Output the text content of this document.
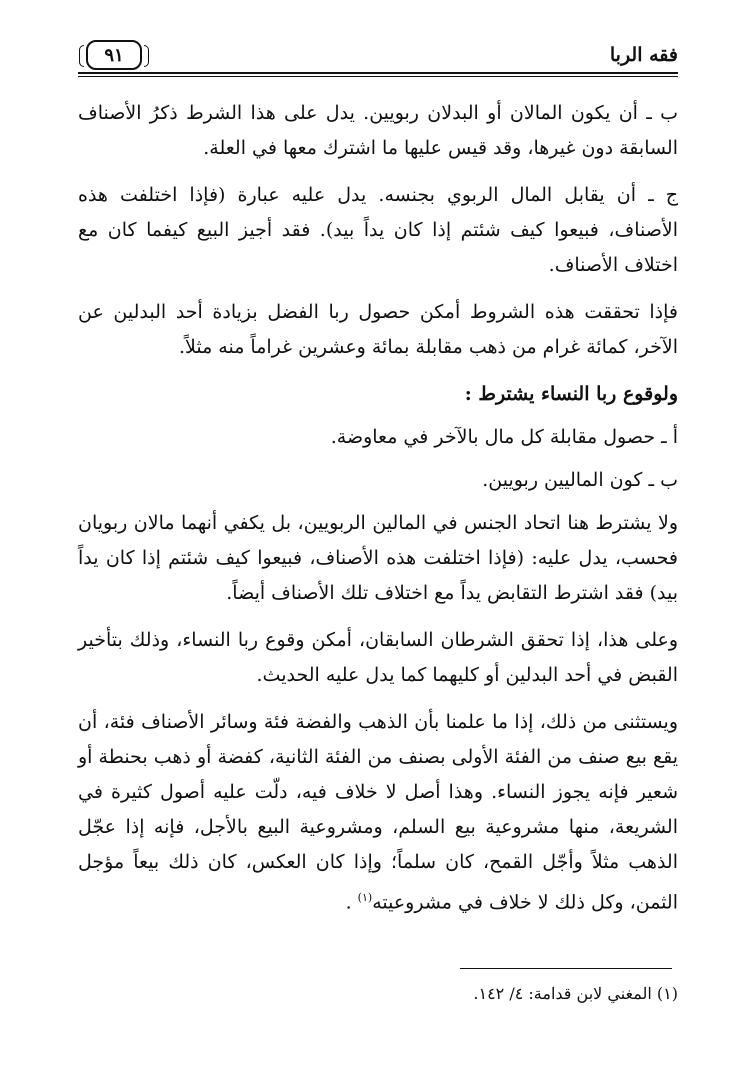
فقه الربا
٩١

ب ـ أن يكون المالان أو البدلان ربويين. يدل على هذا الشرط ذكرُ الأصناف السابقة دون غيرها، وقد قيس عليها ما اشترك معها في العلة.

ج ـ أن يقابل المال الربوي بجنسه. يدل عليه عبارة (فإذا اختلفت هذه الأصناف، فبيعوا كيف شئتم إذا كان يداً بيد). فقد أجيز البيع كيفما كان مع اختلاف الأصناف.

فإذا تحققت هذه الشروط أمكن حصول ربا الفضل بزيادة أحد البدلين عن الآخر، كمائة غرام من ذهب مقابلة بمائة وعشرين غراماً منه مثلاً.

ولوقوع ربا النساء يشترط :

أ ـ حصول مقابلة كل مال بالآخر في معاوضة.

ب ـ كون الماليين ربويين.

ولا يشترط هنا اتحاد الجنس في المالين الربويين، بل يكفي أنهما مالان ربويان فحسب، يدل عليه: (فإذا اختلفت هذه الأصناف، فبيعوا كيف شئتم إذا كان يداً بيد) فقد اشترط التقابض يداً مع اختلاف تلك الأصناف أيضاً.

وعلى هذا، إذا تحقق الشرطان السابقان، أمكن وقوع ربا النساء، وذلك بتأخير القبض في أحد البدلين أو كليهما كما يدل عليه الحديث.

ويستثنى من ذلك، إذا ما علمنا بأن الذهب والفضة فئة وسائر الأصناف فئة، أن يقع بيع صنف من الفئة الأولى بصنف من الفئة الثانية، كفضة أو ذهب بحنطة أو شعير فإنه يجوز النساء. وهذا أصل لا خلاف فيه، دلّت عليه أصول كثيرة في الشريعة، منها مشروعية بيع السلم، ومشروعية البيع بالأجل، فإنه إذا عجّل الذهب مثلاً وأجّل القمح، كان سلماً؛ وإذا كان العكس، كان ذلك بيعاً مؤجل الثمن، وكل ذلك لا خلاف في مشروعيته$^{(١)}$ .

(١) المغني لابن قدامة: ٤/ ١٤٢.
